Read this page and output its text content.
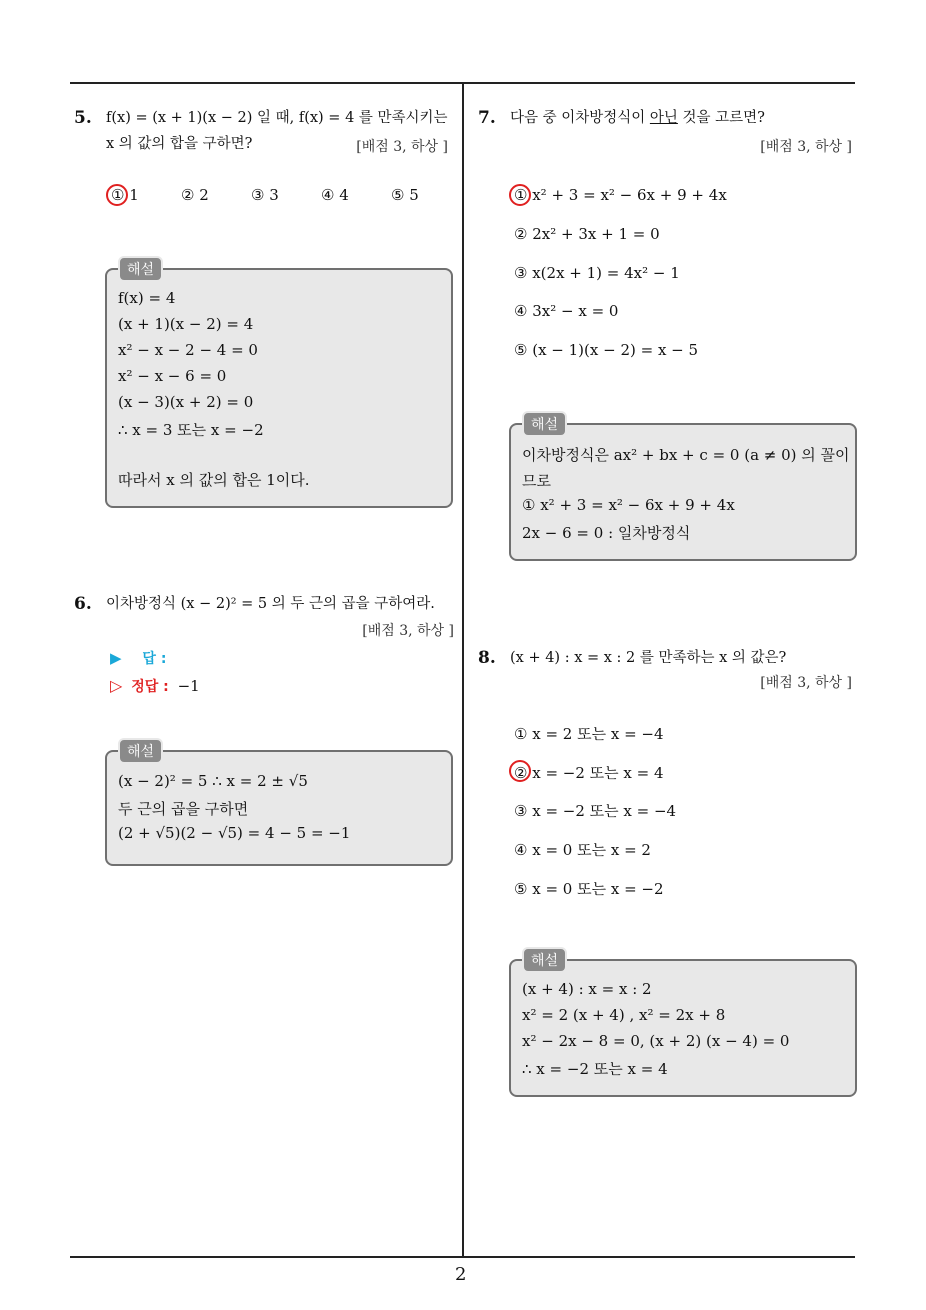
2
5. f(x) = (x + 1)(x − 2) 일 때, f(x) = 4 를 만족시키는
x 의 값의 합을 구하면?	[배점 3, 하상 ]
① 1	② 2	③ 3	④ 4	⑤ 5
해설
f(x) = 4
(x + 1)(x − 2) = 4
x² − x − 2 − 4 = 0
x² − x − 6 = 0
(x − 3)(x + 2) = 0
∴ x = 3 또는 x = −2
따라서 x 의 값의 합은 1이다.
6. 이차방정식 (x − 2)² = 5 의 두 근의 곱을 구하여라.
[배점 3, 하상 ]
▶ 답 :
▷ 정답 : −1
해설
(x − 2)² = 5 ∴ x = 2 ± √5
두 근의 곱을 구하면
(2 + √5)(2 − √5) = 4 − 5 = −1
7. 다음 중 이차방정식이 아닌 것을 고르면?
[배점 3, 하상 ]
① x² + 3 = x² − 6x + 9 + 4x
② 2x² + 3x + 1 = 0
③ x(2x + 1) = 4x² − 1
④ 3x² − x = 0
⑤ (x − 1)(x − 2) = x − 5
해설
이차방정식은 ax² + bx + c = 0 (a ≠ 0) 의 꼴이
므로
① x² + 3 = x² − 6x + 9 + 4x
2x − 6 = 0 : 일차방정식
8. (x + 4) : x = x : 2 를 만족하는 x 의 값은?
[배점 3, 하상 ]
① x = 2 또는 x = −4
② x = −2 또는 x = 4
③ x = −2 또는 x = −4
④ x = 0 또는 x = 2
⑤ x = 0 또는 x = −2
해설
(x + 4) : x = x : 2
x² = 2 (x + 4) , x² = 2x + 8
x² − 2x − 8 = 0, (x + 2) (x − 4) = 0
∴ x = −2 또는 x = 4
